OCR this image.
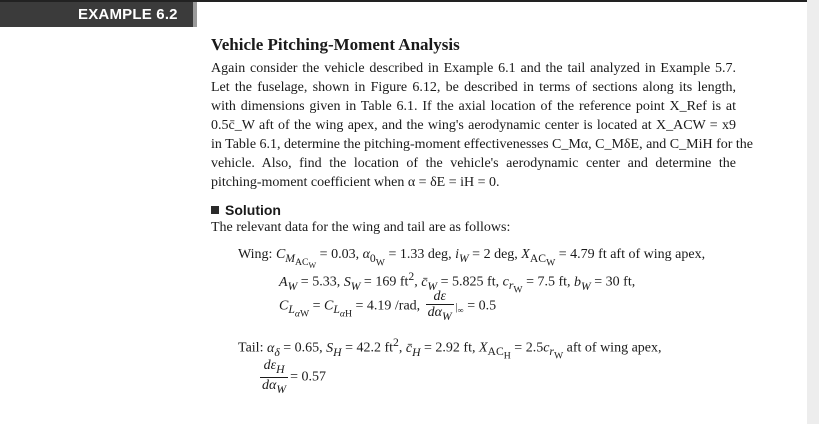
EXAMPLE 6.2
Vehicle Pitching-Moment Analysis
Again consider the vehicle described in Example 6.1 and the tail analyzed in Example 5.7.
Let the fuselage, shown in Figure 6.12, be described in terms of sections along its length,
with dimensions given in Table 6.1. If the axial location of the reference point X_Ref is at
0.5c̄_W aft of the wing apex, and the wing's aerodynamic center is located at X_ACW = x9
in Table 6.1, determine the pitching-moment effectivenesses C_Mα, C_MδE, and C_MiH for the
vehicle. Also, find the location of the vehicle's aerodynamic center and determine the
pitching-moment coefficient when α = δE = iH = 0.
Solution
The relevant data for the wing and tail are as follows:
Wing: $C_{M_{AC_W}} = 0.03$, $\alpha_{0_W} = 1.33$ deg, $i_W = 2$ deg, $X_{AC_W} = 4.79$ ft aft of wing apex,
$A_W = 5.33$, $S_W = 169$ $ft^2$, $c̄_W = 5.825$ ft, $c_{r_W} = 7.5$ ft, $b_W = 30$ ft,
$C_{L_{\alpha W}} = C_{L_{\alpha H}} = 4.19$ /rad, $\frac{d\varepsilon}{d\alpha_W} |_\infty = 0.5$
Tail: $\alpha_\delta = 0.65$, $S_H = 42.2$ $ft^2$, $c̄_H = 2.92$ ft, $X_{AC_H} = 2.5c_{r_W}$ aft of wing apex,
$\frac{d\varepsilon_H}{d\alpha_W} = 0.57$
